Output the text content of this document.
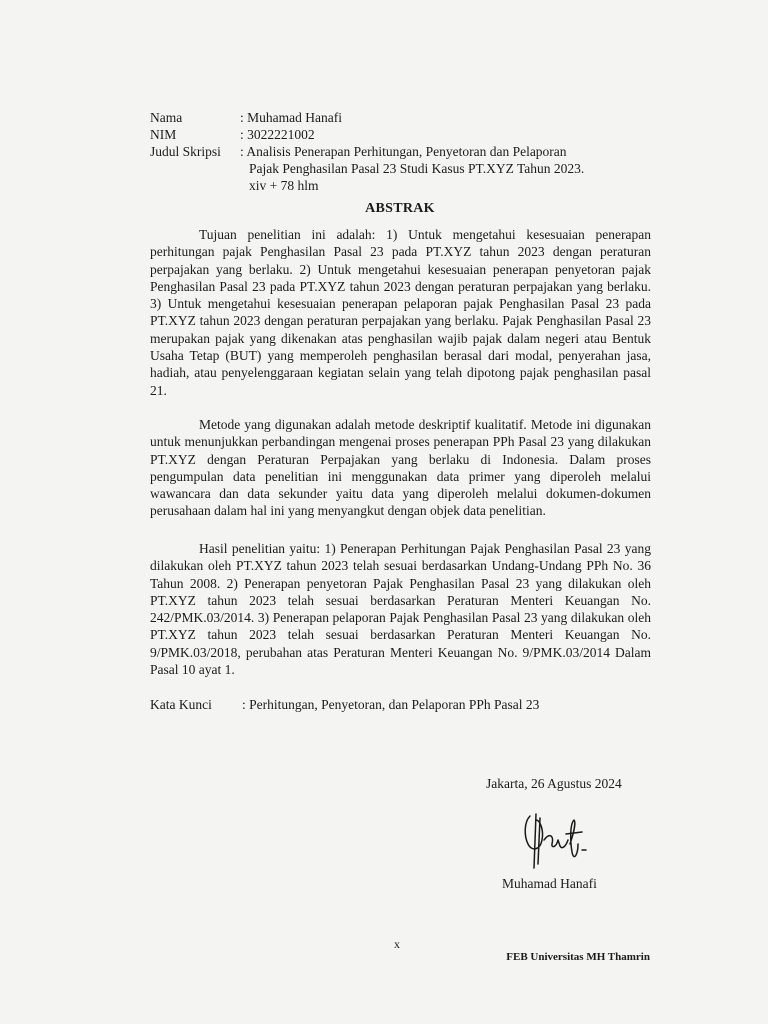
Nama	: Muhamad Hanafi
NIM	: 3022221002
Judul Skripsi	: Analisis Penerapan Perhitungan, Penyetoran dan Pelaporan
Pajak Penghasilan Pasal 23 Studi Kasus PT.XYZ Tahun 2023.
xiv + 78 hlm
ABSTRAK

Tujuan penelitian ini adalah: 1) Untuk mengetahui kesesuaian penerapan perhitungan pajak Penghasilan Pasal 23 pada PT.XYZ tahun 2023 dengan peraturan perpajakan yang berlaku. 2) Untuk mengetahui kesesuaian penerapan penyetoran pajak Penghasilan Pasal 23 pada PT.XYZ tahun 2023 dengan peraturan perpajakan yang berlaku. 3) Untuk mengetahui kesesuaian penerapan pelaporan pajak Penghasilan Pasal 23 pada PT.XYZ tahun 2023 dengan peraturan perpajakan yang berlaku. Pajak Penghasilan Pasal 23 merupakan pajak yang dikenakan atas penghasilan wajib pajak dalam negeri atau Bentuk Usaha Tetap (BUT) yang memperoleh penghasilan berasal dari modal, penyerahan jasa, hadiah, atau penyelenggaraan kegiatan selain yang telah dipotong pajak penghasilan pasal 21.

Metode yang digunakan adalah metode deskriptif kualitatif. Metode ini digunakan untuk menunjukkan perbandingan mengenai proses penerapan PPh Pasal 23 yang dilakukan PT.XYZ dengan Peraturan Perpajakan yang berlaku di Indonesia. Dalam proses pengumpulan data penelitian ini menggunakan data primer yang diperoleh melalui wawancara dan data sekunder yaitu data yang diperoleh melalui dokumen-dokumen perusahaan dalam hal ini yang menyangkut dengan objek data penelitian.

Hasil penelitian yaitu: 1) Penerapan Perhitungan Pajak Penghasilan Pasal 23 yang dilakukan oleh PT.XYZ tahun 2023 telah sesuai berdasarkan Undang-Undang PPh No. 36 Tahun 2008. 2) Penerapan penyetoran Pajak Penghasilan Pasal 23 yang dilakukan oleh PT.XYZ tahun 2023 telah sesuai berdasarkan Peraturan Menteri Keuangan No. 242/PMK.03/2014. 3) Penerapan pelaporan Pajak Penghasilan Pasal 23 yang dilakukan oleh PT.XYZ tahun 2023 telah sesuai berdasarkan Peraturan Menteri Keuangan No. 9/PMK.03/2018, perubahan atas Peraturan Menteri Keuangan No. 9/PMK.03/2014 Dalam Pasal 10 ayat 1.

Kata Kunci	: Perhitungan, Penyetoran, dan Pelaporan PPh Pasal 23
Jakarta, 26 Agustus 2024
Muhamad Hanafi
x
FEB Universitas MH Thamrin
